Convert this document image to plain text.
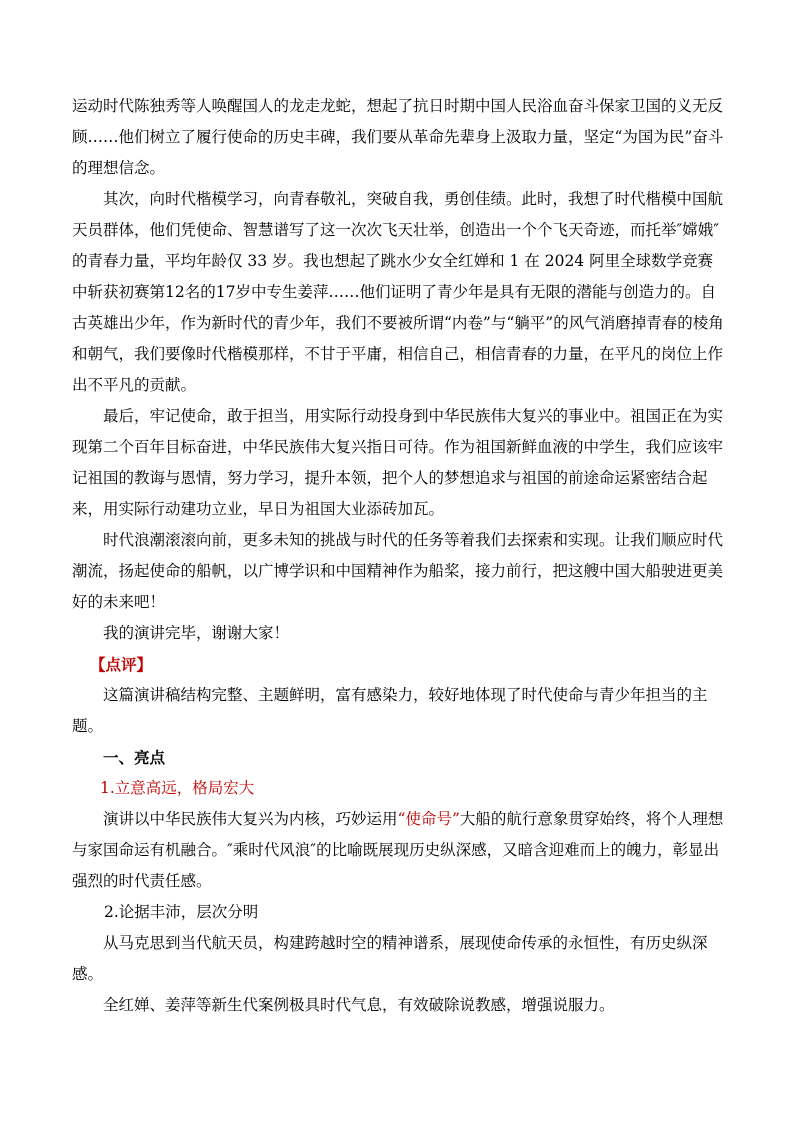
运动时代陈独秀等人唤醒国人的龙走龙蛇，想起了抗日时期中国人民浴血奋斗保家卫国的义无反顾……他们树立了履行使命的历史丰碑，我们要从革命先辈身上汲取力量，坚定“为国为民”奋斗的理想信念。

其次，向时代楷模学习，向青春敬礼，突破自我，勇创佳绩。此时，我想了时代楷模中国航天员群体，他们凭使命、智慧谱写了这一次次飞天壮举，创造出一个个飞天奇迹，而托举″嫦娥″的青春力量，平均年龄仅 33 岁。我也想起了跳水少女全红婵和 1 在 2024 阿里全球数学竞赛中斩获初赛第12名的17岁中专生姜萍……他们证明了青少年是具有无限的潜能与创造力的。自古英雄出少年，作为新时代的青少年，我们不要被所谓“内卷”与“躺平”的风气消磨掉青春的棱角和朝气，我们要像时代楷模那样，不甘于平庸，相信自己，相信青春的力量，在平凡的岗位上作出不平凡的贡献。

最后，牢记使命，敢于担当，用实际行动投身到中华民族伟大复兴的事业中。祖国正在为实现第二个百年目标奋进，中华民族伟大复兴指日可待。作为祖国新鲜血液的中学生，我们应该牢记祖国的教诲与恩情，努力学习，提升本领，把个人的梦想追求与祖国的前途命运紧密结合起来，用实际行动建功立业，早日为祖国大业添砖加瓦。

时代浪潮滚滚向前，更多未知的挑战与时代的任务等着我们去探索和实现。让我们顺应时代潮流，扬起使命的船帆，以广博学识和中国精神作为船桨，接力前行，把这艘中国大船驶进更美好的未来吧！

我的演讲完毕，谢谢大家！

【点评】

这篇演讲稿结构完整、主题鲜明，富有感染力，较好地体现了时代使命与青少年担当的主题。

一、亮点

1.立意高远，格局宏大

演讲以中华民族伟大复兴为内核，巧妙运用“使命号”大船的航行意象贯穿始终，将个人理想与家国命运有机融合。″乘时代风浪″的比喻既展现历史纵深感，又暗含迎难而上的魄力，彰显出强烈的时代责任感。

2.论据丰沛，层次分明

从马克思到当代航天员，构建跨越时空的精神谱系，展现使命传承的永恒性，有历史纵深感。

全红婵、姜萍等新生代案例极具时代气息，有效破除说教感，增强说服力。
